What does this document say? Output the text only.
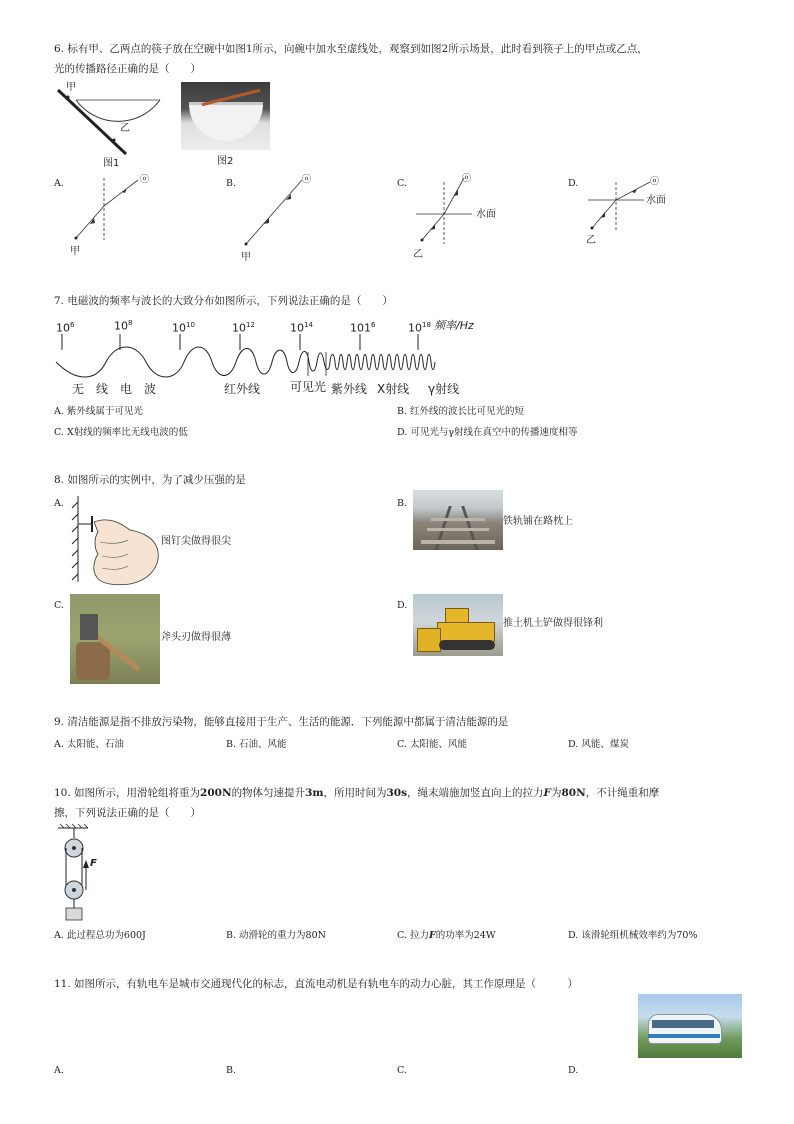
6. 标有甲、乙两点的筷子放在空碗中如图1所示，向碗中加水至虚线处，观察到如图2所示场景，此时看到筷子上的甲点或乙点，
光的传播路径正确的是（　　）
甲
乙
图1	图2
A.	B.	C.	D.
ⓞ
甲
ⓞ
甲
ⓞ
水面
乙
ⓞ
水面
乙
7. 电磁波的频率与波长的大致分布如图所示，下列说法正确的是（　　）
$10^6$	$10^8$	$10^{10}$	$10^{12}$	$10^{14}$	$101^6$	$10^{18}$ 频率/Hz
无　线　电　波	红外线 可见光 紫外线 X射线 γ射线
A. 紫外线属于可见光	B. 红外线的波长比可见光的短
C. X射线的频率比无线电波的低	D. 可见光与γ射线在真空中的传播速度相等
8. 如图所示的实例中，为了减少压强的是
A.
图钉尖做得很尖
B.
铁轨铺在路枕上
C.
斧头刃做得很薄
D.
推土机土铲做得很锋利
9. 清洁能源是指不排放污染物，能够直接用于生产、生活的能源．下列能源中都属于清洁能源的是
A. 太阳能、石油	B. 石油、风能	C. 太阳能、风能	D. 风能、煤炭
10. 如图所示，用滑轮组将重为200N的物体匀速提升3m，所用时间为30s，绳末端施加竖直向上的拉力F为80N，不计绳重和摩
擦，下列说法正确的是（　　）
F
A. 此过程总功为600J	B. 动滑轮的重力为80N	C. 拉力F的功率为24W	D. 该滑轮组机械效率约为70%
11. 如图所示，有轨电车是城市交通现代化的标志，直流电动机是有轨电车的动力心脏，其工作原理是（　　　）
A.	B.	C.	D.
